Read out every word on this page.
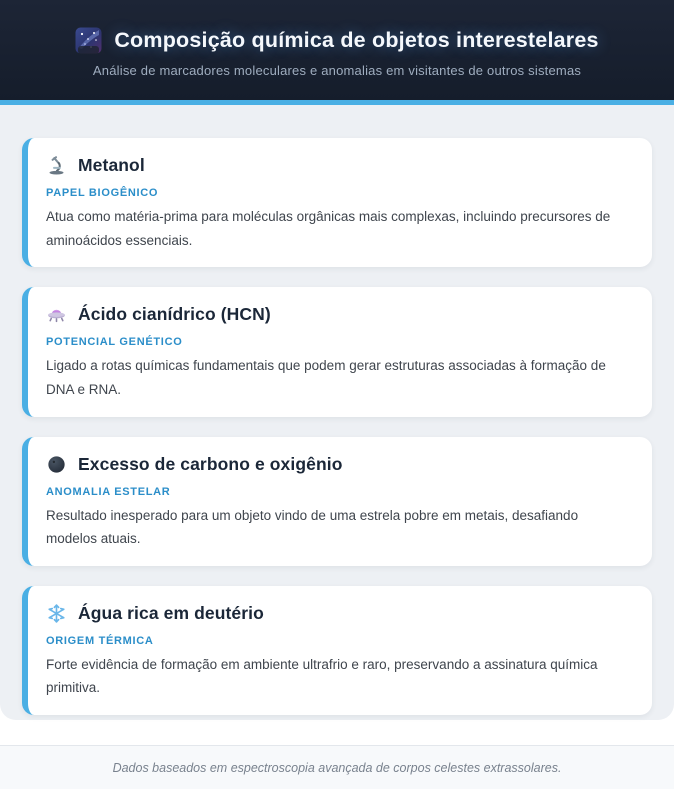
Composição química de objetos interestelares

Análise de marcadores moleculares e anomalias em visitantes de outros sistemas

Metanol
PAPEL BIOGÊNICO

Atua como matéria-prima para moléculas orgânicas mais complexas, incluindo precursores de aminoácidos essenciais.

Ácido cianídrico (HCN)
POTENCIAL GENÉTICO

Ligado a rotas químicas fundamentais que podem gerar estruturas associadas à formação de DNA e RNA.

Excesso de carbono e oxigênio
ANOMALIA ESTELAR

Resultado inesperado para um objeto vindo de uma estrela pobre em metais, desafiando modelos atuais.

Água rica em deutério
ORIGEM TÉRMICA

Forte evidência de formação em ambiente ultrafrio e raro, preservando a assinatura química primitiva.

Dados baseados em espectroscopia avançada de corpos celestes extrassolares.
